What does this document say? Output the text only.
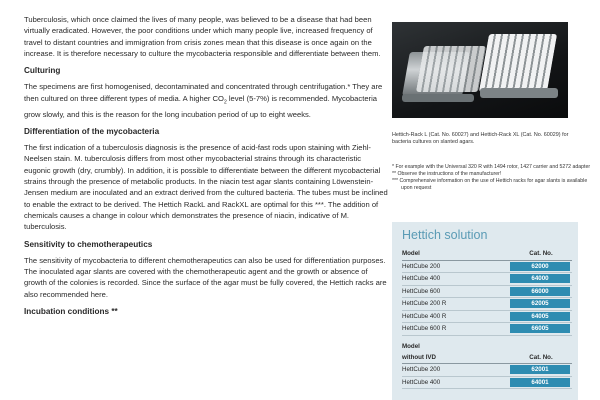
Tuberculosis, which once claimed the lives of many people, was believed to be a disease that had been virtually eradicated. However, the poor conditions under which many people live, increased frequency of travel to distant countries and immigration from crisis zones mean that this disease is once again on the increase. It is therefore necessary to culture the mycobacteria responsible and differentiate between them.

Culturing

The specimens are first homogenised, decontaminated and concentrated through centrifugation.* They are then cultured on three different types of media. A higher $CO_2$ level (5-7%) is recommended. Mycobacteria grow slowly, and this is the reason for the long incubation period of up to eight weeks.

Differentiation of the mycobacteria

The first indication of a tuberculosis diagnosis is the presence of acid-fast rods upon staining with Ziehl-Neelsen stain. M. tuberculosis differs from most other mycobacterial strains through its characteristic eugonic growth (dry, crumbly). In addition, it is possible to differentiate between the different mycobacterial strains through the presence of metabolic products. In the niacin test agar slants containing Löwenstein-Jensen medium are inoculated and an extract derived from the cultured bacteria. The tubes must be inclined to enable the extract to be derived. The Hettich RackL and RackXL are optimal for this ***. The addition of chemicals causes a change in colour which demonstrates the presence of niacin, indicative of M. tuberculosis.

Sensitivity to chemotherapeutics

The sensitivity of mycobacteria to different chemotherapeutics can also be used for differentiation purposes. The inoculated agar slants are covered with the chemotherapeutic agent and the growth or absence of growth of the colonies is recorded. Since the surface of the agar must be fully covered, the Hettich racks are also recommended here.

Incubation conditions **
Hettich-Rack L (Cat. No. 60027) and Hettich-Rack XL (Cat. No. 60029) for bacteria cultures on slanted agars.
* For example with the Universal 320 R with 1494 rotor, 1427 carrier and 5272 adapter
** Observe the instructions of the manufacturer!
*** Comprehensive information on the use of Hettich racks for agar slants is available upon request
Hettich solution
Model	Cat. No.
HettCube 200	62000
HettCube 400	64000
HettCube 600	66000
HettCube 200 R	62005
HettCube 400 R	64005
HettCube 600 R	66005

Model	
without IVD	Cat. No.
HettCube 200	62001
HettCube 400	64001
